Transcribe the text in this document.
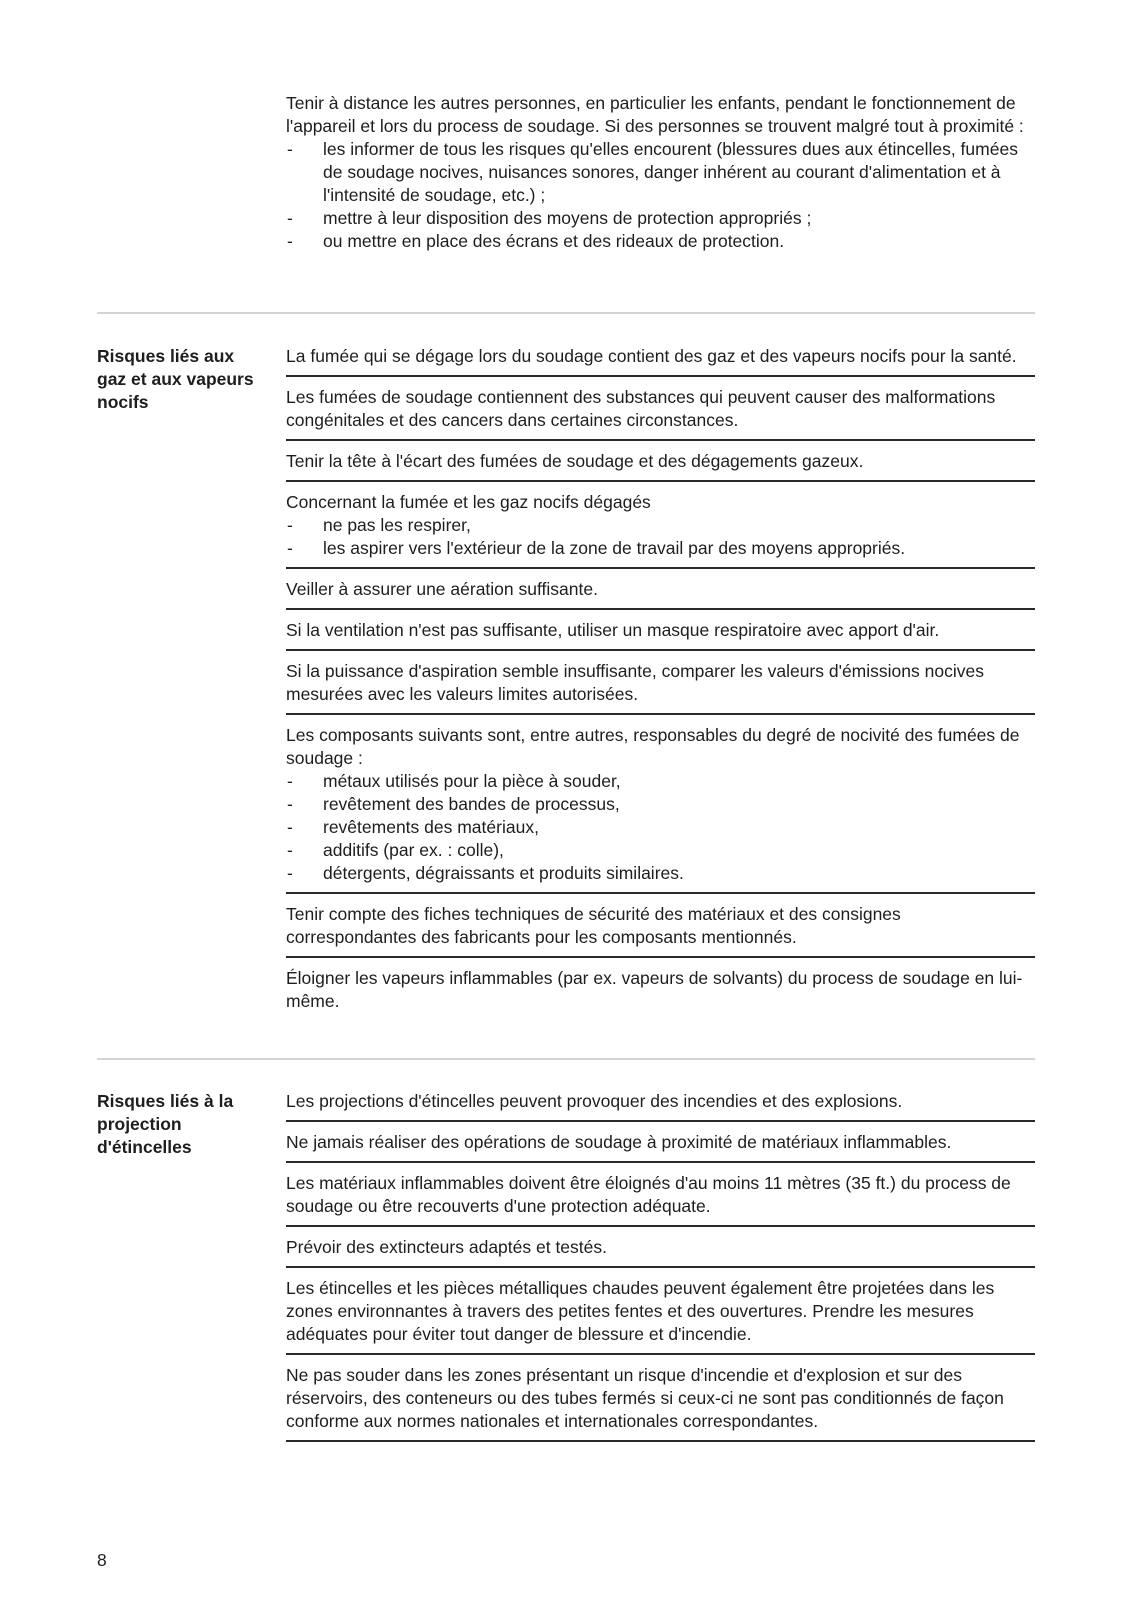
Tenir à distance les autres personnes, en particulier les enfants, pendant le fonctionnement de l'appareil et lors du process de soudage. Si des personnes se trouvent malgré tout à proximité :

- les informer de tous les risques qu'elles encourent (blessures dues aux étincelles, fumées de soudage nocives, nuisances sonores, danger inhérent au courant d'alimentation et à l'intensité de soudage, etc.) ;
- mettre à leur disposition des moyens de protection appropriés ;
- ou mettre en place des écrans et des rideaux de protection.
Risques liés aux gaz et aux vapeurs nocifs

La fumée qui se dégage lors du soudage contient des gaz et des vapeurs nocifs pour la santé.

Les fumées de soudage contiennent des substances qui peuvent causer des malformations congénitales et des cancers dans certaines circonstances.

Tenir la tête à l'écart des fumées de soudage et des dégagements gazeux.

Concernant la fumée et les gaz nocifs dégagés

- ne pas les respirer,
- les aspirer vers l'extérieur de la zone de travail par des moyens appropriés.

Veiller à assurer une aération suffisante.

Si la ventilation n'est pas suffisante, utiliser un masque respiratoire avec apport d'air.

Si la puissance d'aspiration semble insuffisante, comparer les valeurs d'émissions nocives mesurées avec les valeurs limites autorisées.

Les composants suivants sont, entre autres, responsables du degré de nocivité des fumées de soudage :

- métaux utilisés pour la pièce à souder,
- revêtement des bandes de processus,
- revêtements des matériaux,
- additifs (par ex. : colle),
- détergents, dégraissants et produits similaires.

Tenir compte des fiches techniques de sécurité des matériaux et des consignes correspondantes des fabricants pour les composants mentionnés.

Éloigner les vapeurs inflammables (par ex. vapeurs de solvants) du process de soudage en lui-même.

Risques liés à la projection d'étincelles

Les projections d'étincelles peuvent provoquer des incendies et des explosions.

Ne jamais réaliser des opérations de soudage à proximité de matériaux inflammables.

Les matériaux inflammables doivent être éloignés d'au moins 11 mètres (35 ft.) du process de soudage ou être recouverts d'une protection adéquate.

Prévoir des extincteurs adaptés et testés.

Les étincelles et les pièces métalliques chaudes peuvent également être projetées dans les zones environnantes à travers des petites fentes et des ouvertures. Prendre les mesures adéquates pour éviter tout danger de blessure et d'incendie.

Ne pas souder dans les zones présentant un risque d'incendie et d'explosion et sur des réservoirs, des conteneurs ou des tubes fermés si ceux-ci ne sont pas conditionnés de façon conforme aux normes nationales et internationales correspondantes.

8
